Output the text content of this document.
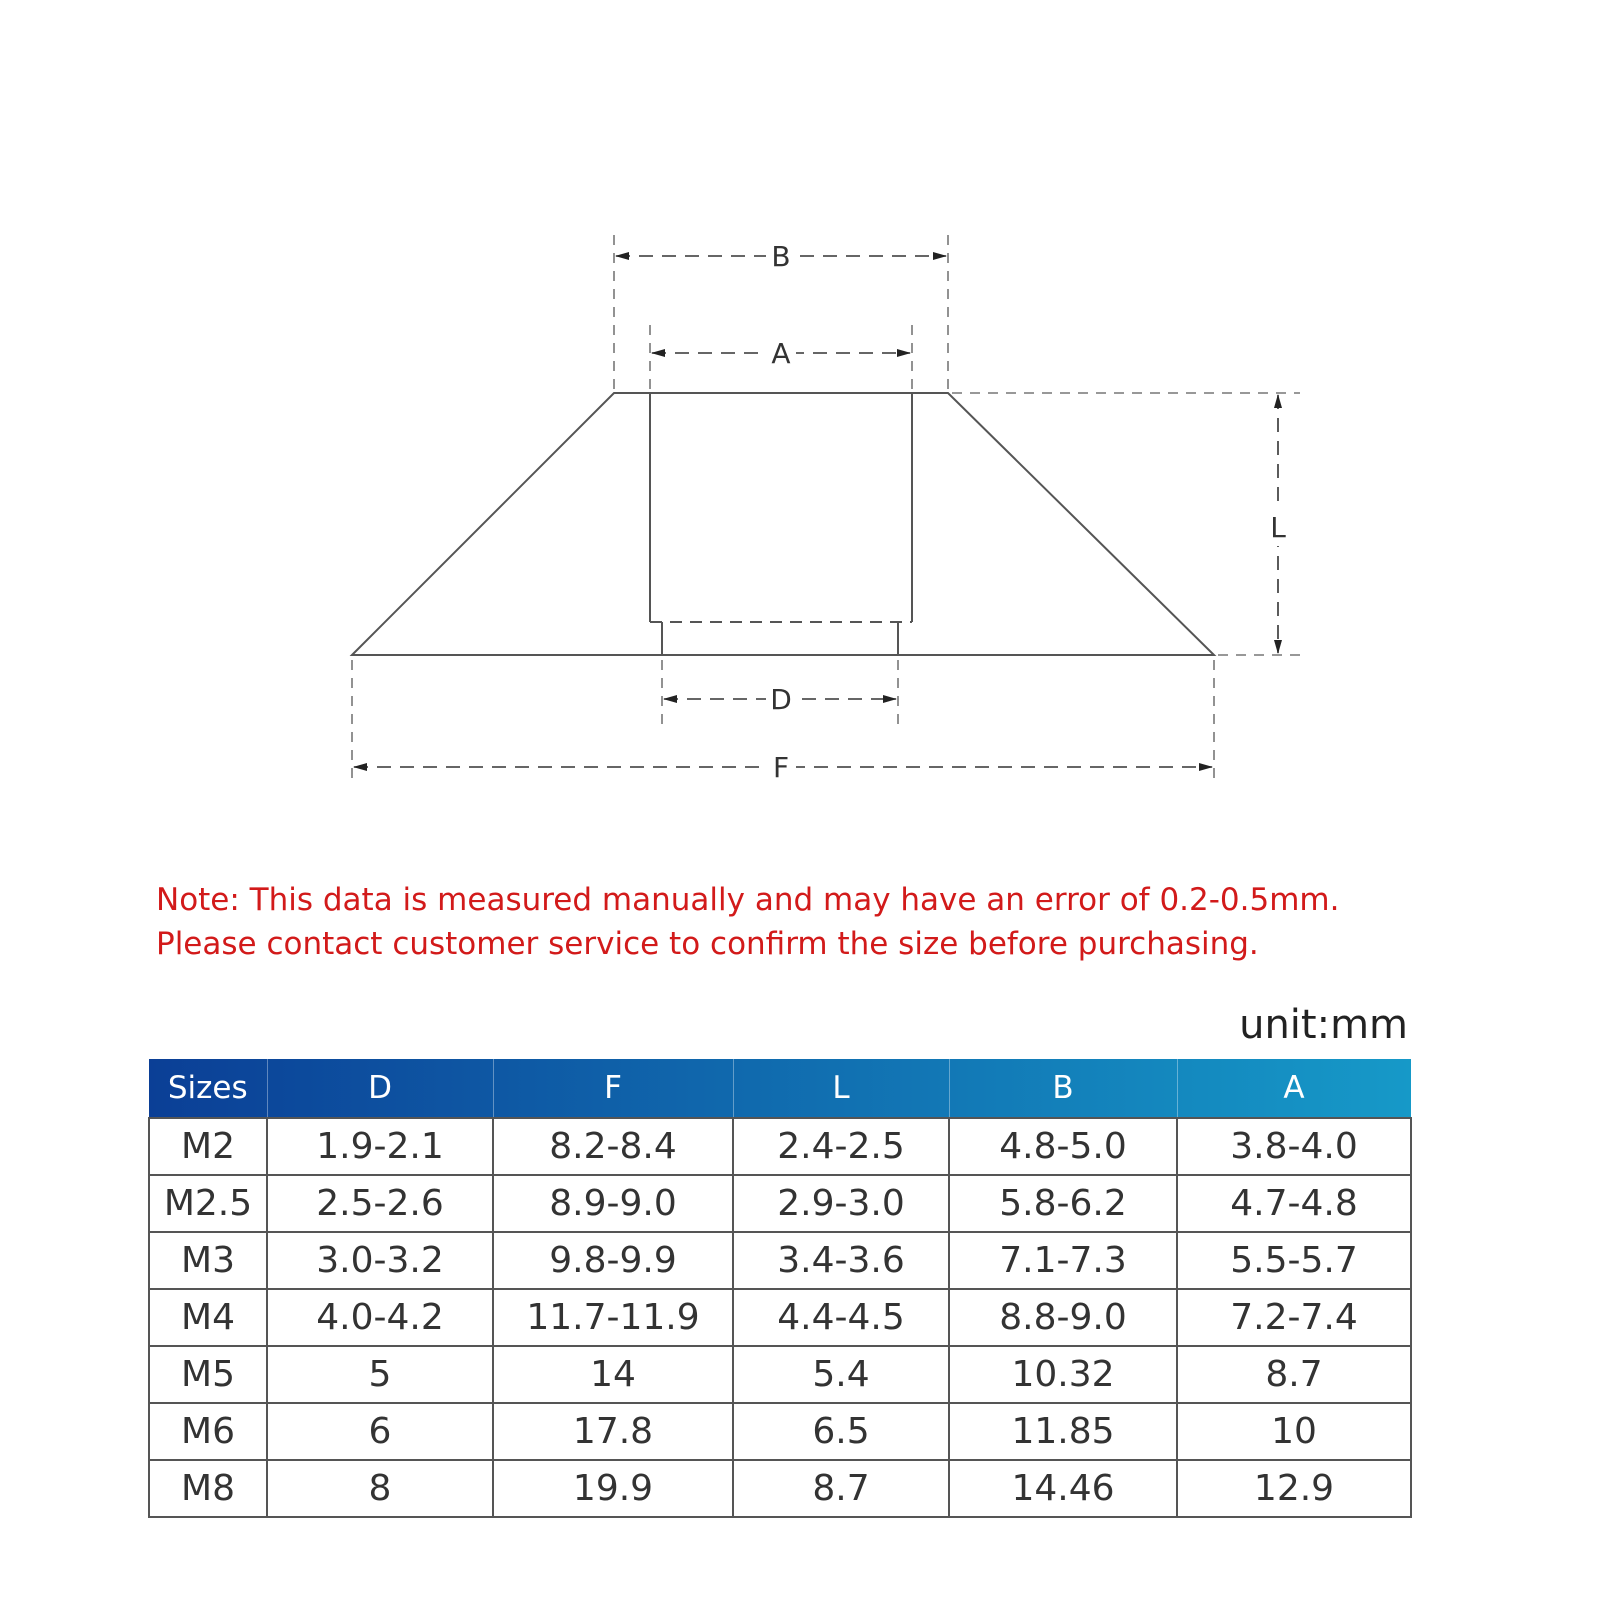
B
A
L
D
F

Note: This data is measured manually and may have an error of 0.2-0.5mm. Please contact customer service to confirm the size before purchasing.

unit:mm
Sizes	D	F	L	B	A
M2	1.9-2.1	8.2-8.4	2.4-2.5	4.8-5.0	3.8-4.0
M2.5	2.5-2.6	8.9-9.0	2.9-3.0	5.8-6.2	4.7-4.8
M3	3.0-3.2	9.8-9.9	3.4-3.6	7.1-7.3	5.5-5.7
M4	4.0-4.2	11.7-11.9	4.4-4.5	8.8-9.0	7.2-7.4
M5	5	14	5.4	10.32	8.7
M6	6	17.8	6.5	11.85	10
M8	8	19.9	8.7	14.46	12.9
